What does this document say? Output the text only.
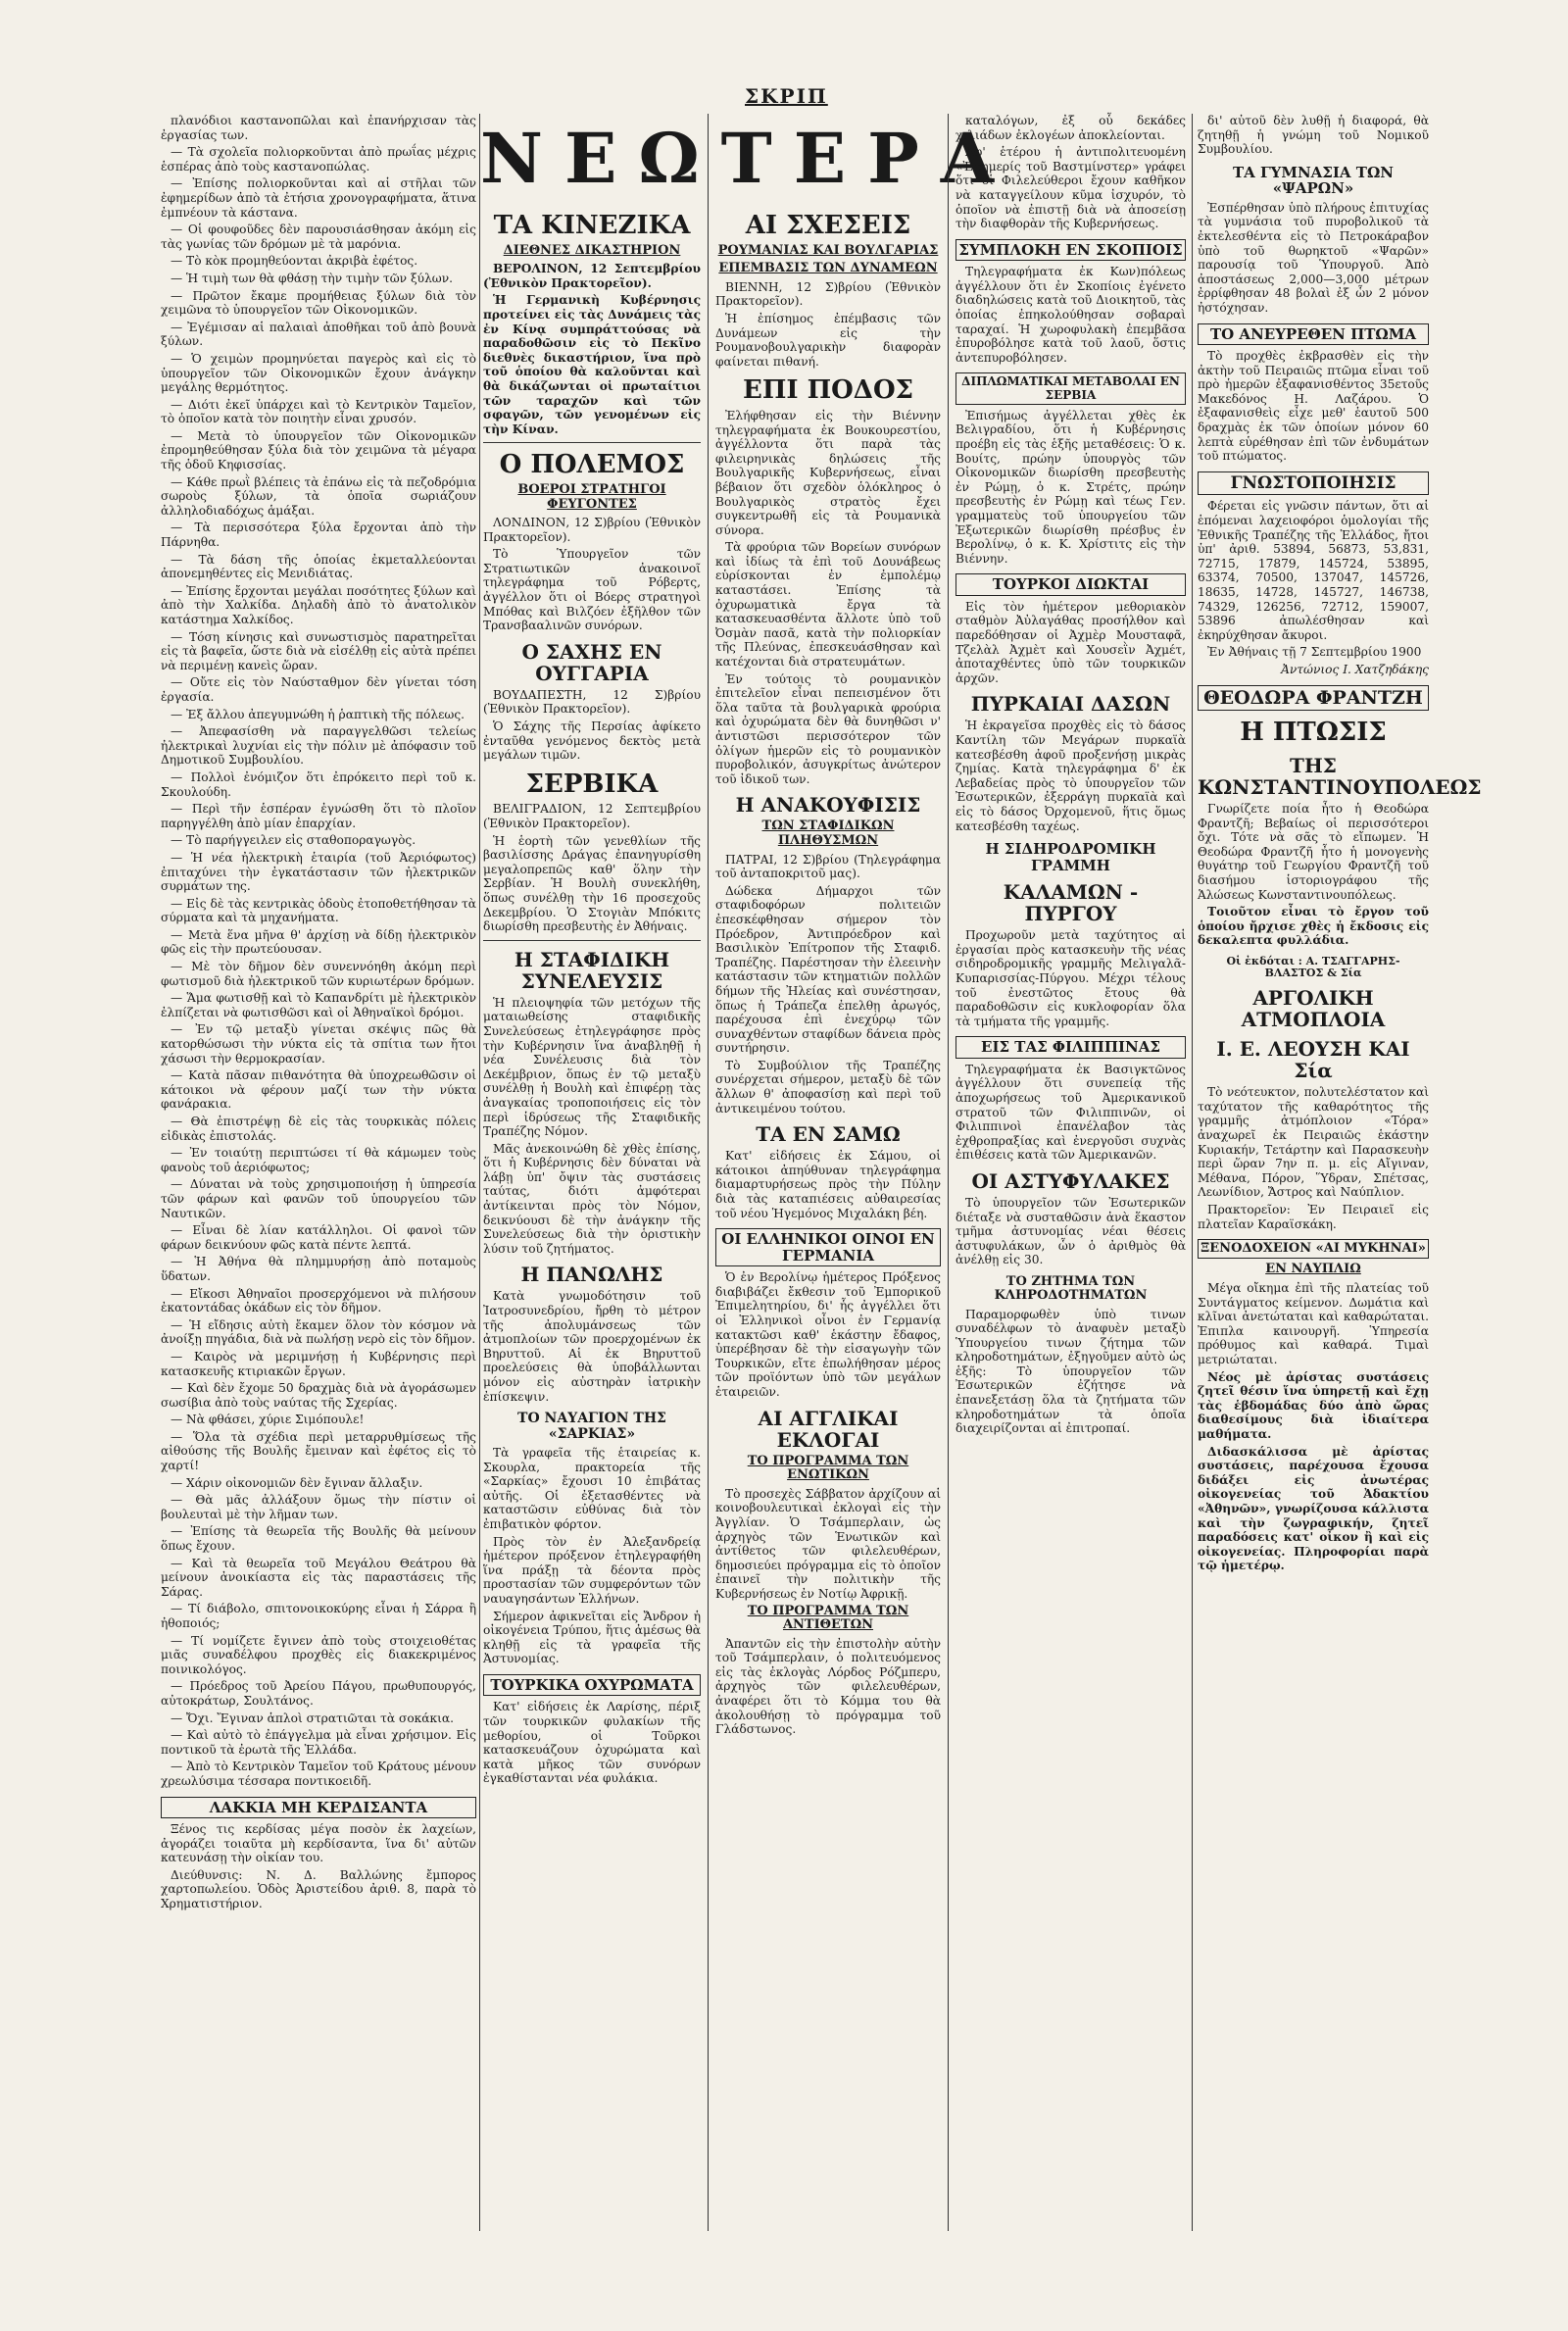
ΣΚΡΙΠ
ΝΕΩΤΕΡΑ

πλανόδιοι καστανοπῶλαι καὶ ἐπανήρχισαν τὰς ἐργασίας των.

— Τὰ σχολεῖα πολιορκοῦνται ἀπὸ πρωΐας μέχρις ἑσπέρας ἀπὸ τοὺς καστανοπώλας.

— Ἐπίσης πολιορκοῦνται καὶ αἱ στῆλαι τῶν ἐφημερίδων ἀπὸ τὰ ἐτήσια χρονογραφήματα, ἅτινα ἐμπνέουν τὰ κάστανα.

— Οἱ φουφοῦδες δὲν παρουσιάσθησαν ἀκόμη εἰς τὰς γωνίας τῶν δρόμων μὲ τὰ μαρόνια.

— Τὸ κὸκ προμηθεύονται ἀκριβὰ ἐφέτος.

— Ἡ τιμὴ των θὰ φθάσῃ τὴν τιμὴν τῶν ξύλων.

— Πρῶτον ἔκαμε προμήθειας ξύλων διὰ τὸν χειμῶνα τὸ ὑπουργεῖον τῶν Οἰκονομικῶν.

— Ἐγέμισαν αἱ παλαιαὶ ἀποθῆκαι τοῦ ἀπὸ βουνὰ ξύλων.

— Ὁ χειμὼν προμηνύεται παγερὸς καὶ εἰς τὸ ὑπουργεῖον τῶν Οἰκονομικῶν ἔχουν ἀνάγκην μεγάλης θερμότητος.

— Διότι ἐκεῖ ὑπάρχει καὶ τὸ Κεντρικὸν Ταμεῖον, τὸ ὁποῖον κατὰ τὸν ποιητὴν εἶναι χρυσόν.

— Μετὰ τὸ ὑπουργεῖον τῶν Οἰκονομικῶν ἐπρομηθεύθησαν ξύλα διὰ τὸν χειμῶνα τὰ μέγαρα τῆς ὁδοῦ Κηφισσίας.

— Κάθε πρωῒ βλέπεις τὰ ἐπάνω εἰς τὰ πεζοδρόμια σωροὺς ξύλων, τὰ ὁποῖα σωριάζουν ἀλληλοδιαδόχως ἁμάξαι.

— Τὰ περισσότερα ξύλα ἔρχονται ἀπὸ τὴν Πάρνηθα.

— Τὰ δάση τῆς ὁποίας ἐκμεταλλεύονται ἀπονεμηθέντες εἰς Μενιδιάτας.

— Ἐπίσης ἔρχονται μεγάλαι ποσότητες ξύλων καὶ ἀπὸ τὴν Χαλκίδα. Δηλαδὴ ἀπὸ τὸ ἀνατολικὸν κατάστημα Χαλκίδος.

— Τόση κίνησις καὶ συνωστισμὸς παρατηρεῖται εἰς τὰ βαφεῖα, ὥστε διὰ νὰ εἰσέλθῃ εἰς αὐτὰ πρέπει νὰ περιμένῃ κανεὶς ὥραν.

— Οὔτε εἰς τὸν Ναύσταθμον δὲν γίνεται τόση ἐργασία.

— Ἐξ ἄλλου ἀπεγυμνώθη ἡ ῥαπτικὴ τῆς πόλεως.

— Ἀπεφασίσθη νὰ παραγγελθῶσι τελείως ἠλεκτρικαὶ λυχνίαι εἰς τὴν πόλιν μὲ ἀπόφασιν τοῦ Δημοτικοῦ Συμβουλίου.

— Πολλοὶ ἐνόμιζον ὅτι ἐπρόκειτο περὶ τοῦ κ. Σκουλούδη.

— Περὶ τῆν ἑσπέραν ἐγνώσθη ὅτι τὸ πλοῖον παρηγγέλθη ἀπὸ μίαν ἐπαρχίαν.

— Τὸ παρήγγειλεν εἰς σταθοποραγωγὸς.

— Ἡ νέα ἠλεκτρικὴ ἑταιρία (τοῦ Ἀεριόφωτος) ἐπιταχύνει τὴν ἐγκατάστασιν τῶν ἠλεκτρικῶν συρμάτων της.

— Εἰς δὲ τὰς κεντρικὰς ὁδοὺς ἐτοποθετήθησαν τὰ σύρματα καὶ τὰ μηχανήματα.

— Μετὰ ἕνα μῆνα θ' ἀρχίσῃ νὰ δίδῃ ἠλεκτρικὸν φῶς εἰς τὴν πρωτεύουσαν.

— Μὲ τὸν δῆμον δὲν συνεννόηθη ἀκόμη περὶ φωτισμοῦ διὰ ἠλεκτρικοῦ τῶν κυριωτέρων δρόμων.

— Ἅμα φωτισθῇ καὶ τὸ Καπανδρίτι μὲ ἠλεκτρικὸν ἐλπίζεται νὰ φωτισθῶσι καὶ οἱ Ἀθηναϊκοὶ δρόμοι.

— Ἐν τῷ μεταξὺ γίνεται σκέψις πῶς θὰ κατορθώσωσι τὴν νύκτα εἰς τὰ σπίτια των ἤτοι χάσωσι τὴν θερμοκρασίαν.

— Κατὰ πᾶσαν πιθανότητα θὰ ὑποχρεωθῶσιν οἱ κάτοικοι νὰ φέρουν μαζί των τὴν νύκτα φανάρακια.

— Θὰ ἐπιστρέψῃ δὲ εἰς τὰς τουρκικὰς πόλεις εἰδικὰς ἐπιστολάς.

— Ἐν τοιαύτῃ περιπτώσει τί θὰ κάμωμεν τοὺς φανοὺς τοῦ ἀεριόφωτος;

— Δύναται νὰ τοὺς χρησιμοποιήσῃ ἡ ὑπηρεσία τῶν φάρων καὶ φανῶν τοῦ ὑπουργείου τῶν Ναυτικῶν.

— Εἶναι δὲ λίαν κατάλληλοι. Οἱ φανοὶ τῶν φάρων δεικνύουν φῶς κατὰ πέντε λεπτά.

— Ἡ Ἀθήνα θὰ πλημμυρήσῃ ἀπὸ ποταμοὺς ὕδατων.

— Εἴκοσι Ἀθηναῖοι προσερχόμενοι νὰ πιλήσουν ἐκατοντάδας ὀκάδων εἰς τὸν δῆμον.

— Ἡ εἴδησις αὐτὴ ἔκαμεν ὅλον τὸν κόσμον νὰ ἀνοίξῃ πηγάδια, διὰ νὰ πωλήσῃ νερὸ εἰς τὸν δῆμον.

— Καιρὸς νὰ μεριμνήσῃ ἡ Κυβέρνησις περὶ κατασκευῆς κτιριακῶν ἔργων.

— Καὶ δὲν ἔχομε 50 δραχμὰς διὰ νὰ ἀγοράσωμεν σωσίβια ἀπὸ τοὺς ναύτας τῆς Σχερίας.

— Νὰ φθάσει, χύριε Σιμόπουλε!

— Ὅλα τὰ σχέδια περὶ μεταρρυθμίσεως τῆς αἰθούσης τῆς Βουλῆς ἔμειναν καὶ ἐφέτος εἰς τὸ χαρτί!

— Χάριν οἰκονομιῶν δὲν ἔγιναν ἄλλαξιν.

— Θὰ μᾶς ἀλλάξουν ὅμως τὴν πίστιν οἱ βουλευταὶ μὲ τὴν λῆμαν των.

— Ἐπίσης τὰ θεωρεῖα τῆς Βουλῆς θὰ μείνουν ὅπως ἔχουν.

— Καὶ τὰ θεωρεῖα τοῦ Μεγάλου Θεάτρου θὰ μείνουν ἀνοικίαστα εἰς τὰς παραστάσεις τῆς Σάρας.

— Τί διάβολο, σπιτονοικοκύρης εἶναι ἡ Σάρρα ἢ ἠθοποιός;

— Τί νομίζετε ἔγινεν ἀπὸ τοὺς στοιχειοθέτας μιᾶς συναδέλφου προχθὲς εἰς διακεκριμένος ποινικολόγος.

— Πρόεδρος τοῦ Ἀρείου Πάγου, πρωθυπουργός, αὐτοκράτωρ, Σουλτάνος.

— Ὄχι. Ἔγιναν ἁπλοὶ στρατιῶται τὰ σοκάκια.

— Καὶ αὐτὸ τὸ ἐπάγγελμα μὰ εἶναι χρήσιμον. Εἰς ποντικοῦ τὰ ἐρωτὰ τῆς Ἑλλάδα.

— Ἀπὸ τὸ Κεντρικὸν Ταμεῖον τοῦ Κράτους μένουν χρεωλύσιμα τέσσαρα ποντικοειδῆ.

ΛΑΚΚΙΑ ΜΗ ΚΕΡΔΙΣΑΝΤΑ

Ξένος τις κερδίσας μέγα ποσὸν ἐκ λαχείων, ἀγοράζει τοιαῦτα μὴ κερδίσαντα, ἵνα δι' αὐτῶν κατευνάσῃ τὴν οἰκίαν του.

Διεύθυνσις: Ν. Δ. Βαλλώνης ἔμπορος χαρτοπωλείου. Ὁδὸς Ἀριστείδου ἀριθ. 8, παρὰ τὸ Χρηματιστήριον.

ΤΑ ΚΙΝΕΖΙΚΑ
ΔΙΕΘΝΕΣ ΔΙΚΑΣΤΗΡΙΟΝ

ΒΕΡΟΛΙΝΟΝ, 12 Σεπτεμβρίου (Ἐθνικὸν Πρακτορεῖον).

Ἡ Γερμανικὴ Κυβέρνησις προτείνει εἰς τὰς Δυνάμεις τὰς ἐν Κίνᾳ συμπράττούσας νὰ παραδοθῶσιν εἰς τὸ Πεκῖνο διεθνὲς δικαστήριον, ἵνα πρὸ τοῦ ὁποίου θὰ καλοῦνται καὶ θὰ δικάζωνται οἱ πρωταίτιοι τῶν ταραχῶν καὶ τῶν σφαγῶν, τῶν γενομένων εἰς τὴν Κίναν.

Ο ΠΟΛΕΜΟΣ
ΒΟΕΡΟΙ ΣΤΡΑΤΗΓΟΙ ΦΕΥΓΟΝΤΕΣ

ΛΟΝΔΙΝΟΝ, 12 Σ)βρίου (Ἐθνικὸν Πρακτορεῖον).

Τὸ Ὑπουργεῖον τῶν Στρατιωτικῶν ἀνακοινοῖ τηλεγράφημα τοῦ Ρόβερτς, ἀγγέλλον ὅτι οἱ Βόερς στρατηγοὶ Μπόθας καὶ Βιλζόεν ἐξῆλθον τῶν Τρανσβααλινῶν συνόρων.

Ο ΣΑΧΗΣ ΕΝ ΟΥΓΓΑΡΙΑ

ΒΟΥΔΑΠΕΣΤΗ, 12 Σ)βρίου (Ἐθνικὸν Πρακτορεῖον).

Ὁ Σάχης τῆς Περσίας ἀφίκετο ἐνταῦθα γενόμενος δεκτὸς μετὰ μεγάλων τιμῶν.

ΣΕΡΒΙΚΑ

ΒΕΛΙΓΡΑΔΙΟΝ, 12 Σεπτεμβρίου (Ἐθνικὸν Πρακτορεῖον).

Ἡ ἑορτὴ τῶν γενεθλίων τῆς βασιλίσσης Δράγας ἐπανηγυρίσθη μεγαλοπρεπῶς καθ' ὅλην τὴν Σερβίαν. Ἡ Βουλὴ συνεκλήθη, ὅπως συνέλθῃ τὴν 16 προσεχοῦς Δεκεμβρίου. Ὁ Στογιὰν Μπόκιτς διωρίσθη πρεσβευτὴς ἐν Ἀθήναις.

Η ΣΤΑΦΙΔΙΚΗ ΣΥΝΕΛΕΥΣΙΣ

Ἡ πλειοψηφία τῶν μετόχων τῆς ματαιωθείσης σταφιδικῆς Συνελεύσεως ἐτηλεγράφησε πρὸς τὴν Κυβέρνησιν ἵνα ἀναβληθῇ ἡ νέα Συνέλευσις διὰ τὸν Δεκέμβριον, ὅπως ἐν τῷ μεταξὺ συνέλθῃ ἡ Βουλὴ καὶ ἐπιφέρῃ τὰς ἀναγκαίας τροποποιήσεις εἰς τὸν περὶ ἱδρύσεως τῆς Σταφιδικῆς Τραπέζης Νόμον.

Μᾶς ἀνεκοινώθη δὲ χθὲς ἐπίσης, ὅτι ἡ Κυβέρνησις δὲν δύναται νὰ λάβῃ ὑπ' ὄψιν τὰς συστάσεις ταύτας, διότι ἀμφότεραι ἀντίκεινται πρὸς τὸν Νόμον, δεικνύουσι δὲ τὴν ἀνάγκην τῆς Συνελεύσεως διὰ τὴν ὁριστικὴν λύσιν τοῦ ζητήματος.

Η ΠΑΝΩΛΗΣ

Κατὰ γνωμοδότησιν τοῦ Ἰατροσυνεδρίου, ἤρθη τὸ μέτρον τῆς ἀπολυμάνσεως τῶν ἀτμοπλοίων τῶν προερχομένων ἐκ Βηρυττοῦ. Αἱ ἐκ Βηρυττοῦ προελεύσεις θὰ ὑποβάλλωνται μόνον εἰς αὐστηρὰν ἰατρικὴν ἐπίσκεψιν.

ΤΟ ΝΑΥΑΓΙΟΝ ΤΗΣ «ΣΑΡΚΙΑΣ»

Τὰ γραφεῖα τῆς ἑταιρείας κ. Σκουρλα, πρακτορεία τῆς «Σαρκίας» ἔχουσι 10 ἐπιβάτας αὐτῆς. Οἱ ἐξετασθέντες νὰ καταστῶσιν εὐθύνας διὰ τὸν ἐπιβατικὸν φόρτον.

Πρὸς τὸν ἐν Ἀλεξανδρείᾳ ἡμέτερον πρόξενον ἐτηλεγραφήθη ἵνα πράξῃ τὰ δέοντα πρὸς προστασίαν τῶν συμφερόντων τῶν ναυαγησάντων Ἑλλήνων.

Σήμερον ἀφικνεῖται εἰς Ἄνδρον ἡ οἰκογένεια Τρύπου, ἥτις ἀμέσως θὰ κληθῇ εἰς τὰ γραφεῖα τῆς Ἀστυνομίας.

ΤΟΥΡΚΙΚΑ ΟΧΥΡΩΜΑΤΑ

Κατ' εἰδήσεις ἐκ Λαρίσης, πέριξ τῶν τουρκικῶν φυλακίων τῆς μεθορίου, οἱ Τοῦρκοι κατασκευάζουν ὀχυρώματα καὶ κατὰ μῆκος τῶν συνόρων ἐγκαθίστανται νέα φυλάκια.

ΑΙ ΣΧΕΣΕΙΣ
ΡΟΥΜΑΝΙΑΣ ΚΑΙ ΒΟΥΛΓΑΡΙΑΣ
ΕΠΕΜΒΑΣΙΣ ΤΩΝ ΔΥΝΑΜΕΩΝ

ΒΙΕΝΝΗ, 12 Σ)βρίου (Ἐθνικὸν Πρακτορεῖον).

Ἡ ἐπίσημος ἐπέμβασις τῶν Δυνάμεων εἰς τὴν Ρουμανοβουλγαρικὴν διαφορὰν φαίνεται πιθανή.

ΕΠΙ ΠΟΔΟΣ

Ἐλήφθησαν εἰς τὴν Βιέννην τηλεγραφήματα ἐκ Βουκουρεστίου, ἀγγέλλοντα ὅτι παρὰ τὰς φιλειρηνικὰς δηλώσεις τῆς Βουλγαρικῆς Κυβερνήσεως, εἶναι βέβαιον ὅτι σχεδὸν ὁλόκληρος ὁ Βουλγαρικὸς στρατὸς ἔχει συγκεντρωθῆ εἰς τὰ Ρουμανικὰ σύνορα.

Τὰ φρούρια τῶν Βορείων συνόρων καὶ ἰδίως τὰ ἐπὶ τοῦ Δουνάβεως εὑρίσκονται ἐν ἐμπολέμῳ καταστάσει. Ἐπίσης τὰ ὀχυρωματικὰ ἔργα τὰ κατασκευασθέντα ἄλλοτε ὑπὸ τοῦ Ὀσμὰν πασᾶ, κατὰ τὴν πολιορκίαν τῆς Πλεύνας, ἐπεσκευάσθησαν καὶ κατέχονται διὰ στρατευμάτων.

Ἐν τούτοις τὸ ρουμανικὸν ἐπιτελεῖον εἶναι πεπεισμένον ὅτι ὅλα ταῦτα τὰ βουλγαρικὰ φρούρια καὶ ὀχυρώματα δὲν θὰ δυνηθῶσι ν' ἀντιστῶσι περισσότερον τῶν ὀλίγων ἡμερῶν εἰς τὸ ρουμανικὸν πυροβολικόν, ἀσυγκρίτως ἀνώτερον τοῦ ἰδικοῦ των.

Η ΑΝΑΚΟΥΦΙΣΙΣ
ΤΩΝ ΣΤΑΦΙΔΙΚΩΝ ΠΛΗΘΥΣΜΩΝ

ΠΑΤΡΑΙ, 12 Σ)βρίου (Τηλεγράφημα τοῦ ἀνταποκριτοῦ μας).

Δώδεκα Δήμαρχοι τῶν σταφιδοφόρων πολιτειῶν ἐπεσκέφθησαν σήμερον τὸν Πρόεδρον, Ἀντιπρόεδρον καὶ Βασιλικὸν Ἐπίτροπον τῆς Σταφιδ. Τραπέζης. Παρέστησαν τὴν ἐλεεινὴν κατάστασιν τῶν κτηματιῶν πολλῶν δήμων τῆς Ἠλείας καὶ συνέστησαν, ὅπως ἡ Τράπεζα ἐπελθῃ ἀρωγός, παρέχουσα ἐπὶ ἐνεχύρῳ τῶν συναχθέντων σταφίδων δάνεια πρὸς συντήρησιν.

Τὸ Συμβούλιον τῆς Τραπέζης συνέρχεται σήμερον, μεταξὺ δὲ τῶν ἄλλων θ' ἀποφασίσῃ καὶ περὶ τοῦ ἀντικειμένου τούτου.

ΤΑ ΕΝ ΣΑΜΩ

Κατ' εἰδήσεις ἐκ Σάμου, οἱ κάτοικοι ἀπηύθυναν τηλεγράφημα διαμαρτυρήσεως πρὸς τὴν Πύλην διὰ τὰς καταπιέσεις αὐθαιρεσίας τοῦ νέου Ἡγεμόνος Μιχαλάκη βέη.

ΟΙ ΕΛΛΗΝΙΚΟΙ ΟΙΝΟΙ ΕΝ ΓΕΡΜΑΝΙΑ

Ὁ ἐν Βερολίνῳ ἡμέτερος Πρόξενος διαβιβάζει ἔκθεσιν τοῦ Ἐμπορικοῦ Ἐπιμελητηρίου, δι' ἧς ἀγγέλλει ὅτι οἱ Ἑλληνικοὶ οἶνοι ἐν Γερμανίᾳ κατακτῶσι καθ' ἑκάστην ἔδαφος, ὑπερέβησαν δὲ τὴν εἰσαγωγὴν τῶν Τουρκικῶν, εἴτε ἐπωλήθησαν μέρος τῶν προϊόντων ὑπὸ τῶν μεγάλων ἑταιρειῶν.

ΑΙ ΑΓΓΛΙΚΑΙ ΕΚΛΟΓΑΙ
ΤΟ ΠΡΟΓΡΑΜΜΑ ΤΩΝ ΕΝΩΤΙΚΩΝ

Τὸ προσεχὲς Σάββατον ἀρχίζουν αἱ κοινοβουλευτικαὶ ἐκλογαὶ εἰς τὴν Ἀγγλίαν. Ὁ Τσάμπερλαιν, ὡς ἀρχηγὸς τῶν Ἑνωτικῶν καὶ ἀντίθετος τῶν φιλελευθέρων, δημοσιεύει πρόγραμμα εἰς τὸ ὁποῖον ἐπαινεῖ τὴν πολιτικὴν τῆς Κυβερνήσεως ἐν Νοτίῳ Ἀφρικῇ.

ΤΟ ΠΡΟΓΡΑΜΜΑ ΤΩΝ ΑΝΤΙΘΕΤΩΝ

Ἀπαντῶν εἰς τὴν ἐπιστολὴν αὐτὴν τοῦ Τσάμπερλαιν, ὁ πολιτευόμενος εἰς τὰς ἐκλογὰς Λόρδος Ρόζμπερυ, ἀρχηγὸς τῶν φιλελευθέρων, ἀναφέρει ὅτι τὸ Κόμμα του θὰ ἀκολουθήσῃ τὸ πρόγραμμα τοῦ Γλάδστωνος.

καταλόγων, ἐξ οὗ δεκάδες χιλιάδων ἐκλογέων ἀποκλείονται.

Ἀφ' ἑτέρου ἡ ἀντιπολιτευομένη «Ἐφημερίς τοῦ Βαστμίνστερ» γράφει ὅτι οἱ Φιλελεύθεροι ἔχουν καθῆκον νὰ καταγγείλουν κῦμα ἰσχυρόν, τὸ ὁποῖον νὰ ἐπιστῇ διὰ νὰ ἀποσείσῃ τὴν διαφθορὰν τῆς Κυβερνήσεως.

ΣΥΜΠΛΟΚΗ ΕΝ ΣΚΟΠΙΟΙΣ

Τηλεγραφήματα ἐκ Κων)πόλεως ἀγγέλλουν ὅτι ἐν Σκοπίοις ἐγένετο διαδηλώσεις κατὰ τοῦ Διοικητοῦ, τὰς ὁποίας ἐπηκολούθησαν σοβαραὶ ταραχαί. Ἡ χωροφυλακὴ ἐπεμβᾶσα ἐπυροβόλησε κατὰ τοῦ λαοῦ, ὅστις ἀντεπυροβόλησεν.

ΔΙΠΛΩΜΑΤΙΚΑΙ ΜΕΤΑΒΟΛΑΙ ΕΝ ΣΕΡΒΙΑ

Ἐπισήμως ἀγγέλλεται χθὲς ἐκ Βελιγραδίου, ὅτι ἡ Κυβέρνησις προέβη εἰς τὰς ἑξῆς μεταθέσεις: Ὁ κ. Βουίτς, πρώην ὑπουργὸς τῶν Οἰκονομικῶν διωρίσθη πρεσβευτὴς ἐν Ρώμῃ, ὁ κ. Στρέτς, πρώην πρεσβευτὴς ἐν Ρώμῃ καὶ τέως Γεν. γραμματεὺς τοῦ ὑπουργείου τῶν Ἐξωτερικῶν διωρίσθη πρέσβυς ἐν Βερολίνῳ, ὁ κ. Κ. Χρίστιτς εἰς τὴν Βιέννην.

ΤΟΥΡΚΟΙ ΔΙΩΚΤΑΙ

Εἰς τὸν ἡμέτερον μεθοριακὸν σταθμὸν Ἀὐλαγάθας προσήλθον καὶ παρεδόθησαν οἱ Ἀχμὲρ Μουσταφᾶ, Τζελὰλ Ἀχμὲτ καὶ Χουσεῒν Ἀχμέτ, ἀποταχθέντες ὑπὸ τῶν τουρκικῶν ἀρχῶν.

ΠΥΡΚΑΙΑΙ ΔΑΣΩΝ

Ἡ ἐκραγεῖσα προχθὲς εἰς τὸ δάσος Καντίλη τῶν Μεγάρων πυρκαϊὰ κατεσβέσθη ἀφοῦ προξενήσῃ μικρὰς ζημίας. Κατὰ τηλεγράφημα δ' ἐκ Λεβαδείας πρὸς τὸ ὑπουργεῖον τῶν Ἐσωτερικῶν, ἐξερράγη πυρκαϊὰ καὶ εἰς τὸ δάσος Ὀρχομενοῦ, ἥτις ὅμως κατεσβέσθη ταχέως.

Η ΣΙΔΗΡΟΔΡΟΜΙΚΗ ΓΡΑΜΜΗ
ΚΑΛΑΜΩΝ - ΠΥΡΓΟΥ

Προχωροῦν μετὰ ταχύτητος αἱ ἐργασίαι πρὸς κατασκευὴν τῆς νέας σιδηροδρομικῆς γραμμῆς Μελιγαλᾶ-Κυπαρισσίας-Πύργου. Μέχρι τέλους τοῦ ἐνεστῶτος ἔτους θὰ παραδοθῶσιν εἰς κυκλοφορίαν ὅλα τὰ τμήματα τῆς γραμμῆς.

ΕΙΣ ΤΑΣ ΦΙΛΙΠΠΙΝΑΣ

Τηλεγραφήματα ἐκ Βασιγκτῶνος ἀγγέλλουν ὅτι συνεπείᾳ τῆς ἀποχωρήσεως τοῦ Ἀμερικανικοῦ στρατοῦ τῶν Φιλιππινῶν, οἱ Φιλιππινοὶ ἐπανέλαβον τὰς ἐχθροπραξίας καὶ ἐνεργοῦσι συχνὰς ἐπιθέσεις κατὰ τῶν Ἀμερικανῶν.

ΟΙ ΑΣΤΥΦΥΛΑΚΕΣ

Τὸ ὑπουργεῖον τῶν Ἐσωτερικῶν διέταξε νὰ συσταθῶσιν ἀνὰ ἕκαστον τμῆμα ἀστυνομίας νέαι θέσεις ἀστυφυλάκων, ὧν ὁ ἀριθμὸς θὰ ἀνέλθῃ εἰς 30.

ΤΟ ΖΗΤΗΜΑ ΤΩΝ ΚΛΗΡΟΔΟΤΗΜΑΤΩΝ

Παραμορφωθὲν ὑπὸ τινων συναδέλφων τὸ ἀναφυὲν μεταξὺ Ὑπουργείου τινων ζήτημα τῶν κληροδοτημάτων, ἐξηγοῦμεν αὐτὸ ὡς ἑξῆς: Τὸ ὑπουργεῖον τῶν Ἐσωτερικῶν ἐζήτησε νὰ ἐπανεξετάσῃ ὅλα τὰ ζητήματα τῶν κληροδοτημάτων τὰ ὁποῖα διαχειρίζονται αἱ ἐπιτροπαί.

δι' αὐτοῦ δὲν λυθῇ ἡ διαφορά, θὰ ζητηθῇ ἡ γνώμη τοῦ Νομικοῦ Συμβουλίου.

ΤΑ ΓΥΜΝΑΣΙΑ ΤΩΝ «ΨΑΡΩΝ»

Ἐσπέρθησαν ὑπὸ πλήρους ἐπιτυχίας τὰ γυμνάσια τοῦ πυροβολικοῦ τὰ ἐκτελεσθέντα εἰς τὸ Πετροκάραβον ὑπὸ τοῦ θωρηκτοῦ «Ψαρῶν» παρουσίᾳ τοῦ Ὑπουργοῦ. Ἀπὸ ἀποστάσεως 2,000—3,000 μέτρων ἐρρίφθησαν 48 βολαὶ ἐξ ὧν 2 μόνον ἠστόχησαν.

ΤΟ ΑΝΕΥΡΕΘΕΝ ΠΤΩΜΑ

Τὸ προχθὲς ἐκβρασθὲν εἰς τὴν ἀκτὴν τοῦ Πειραιῶς πτῶμα εἶναι τοῦ πρὸ ἡμερῶν ἐξαφανισθέντος 35ετοῦς Μακεδόνος Η. Λαζάρου. Ὁ ἐξαφανισθεὶς εἶχε μεθ' ἑαυτοῦ 500 δραχμὰς ἐκ τῶν ὁποίων μόνον 60 λεπτὰ εὑρέθησαν ἐπὶ τῶν ἐνδυμάτων τοῦ πτώματος.

ΓΝΩΣΤΟΠΟΙΗΣΙΣ

Φέρεται εἰς γνῶσιν πάντων, ὅτι αἱ ἑπόμεναι λαχειοφόροι ὁμολογίαι τῆς Ἐθνικῆς Τραπέζης τῆς Ἑλλάδος, ἤτοι ὑπ' ἀριθ. 53894, 56873, 53,831, 72715, 17879, 145724, 53895, 63374, 70500, 137047, 145726, 18635, 14728, 145727, 146738, 74329, 126256, 72712, 159007, 53896 ἀπωλέσθησαν καὶ ἐκηρύχθησαν ἄκυροι.

Ἐν Ἀθήναις τῇ 7 Σεπτεμβρίου 1900

Ἀντώνιος Ι. Χατζηδάκης
ΘΕΟΔΩΡΑ ΦΡΑΝΤΖΗ
Η ΠΤΩΣΙΣ
ΤΗΣ ΚΩΝΣΤΑΝΤΙΝΟΥΠΟΛΕΩΣ

Γνωρίζετε ποία ἦτο ἡ Θεοδώρα Φραντζῆ; Βεβαίως οἱ περισσότεροι ὄχι. Τότε νὰ σᾶς τὸ εἴπωμεν. Ἡ Θεοδώρα Φραντζῆ ἦτο ἡ μονογενὴς θυγάτηρ τοῦ Γεωργίου Φραντζῆ τοῦ διασήμου ἱστοριογράφου τῆς Ἁλώσεως Κωνσταντινουπόλεως.

Τοιοῦτον εἶναι τὸ ἔργον τοῦ ὁποίου ἤρχισε χθὲς ἡ ἔκδοσις εἰς δεκαλεπτα φυλλάδια.

Οἱ ἐκδόται : Α. ΤΣΑΓΓΑΡΗΣ-ΒΛΑΣΤΟΣ & Σία
ΑΡΓΟΛΙΚΗ ΑΤΜΟΠΛΟΙΑ
Ι. Ε. ΛΕΟΥΣΗ ΚΑΙ Σία

Τὸ νεότευκτον, πολυτελέστατον καὶ ταχύτατον τῆς καθαρότητος τῆς γραμμῆς ἀτμόπλοιον «Τόρα» ἀναχωρεῖ ἐκ Πειραιῶς ἑκάστην Κυριακήν, Τετάρτην καὶ Παρασκευὴν περὶ ὥραν 7ην π. μ. εἰς Αἴγιναν, Μέθανα, Πόρον, Ὕδραν, Σπέτσας, Λεωνίδιον, Ἄστρος καὶ Ναύπλιον.

Πρακτορεῖον: Ἐν Πειραιεῖ εἰς πλατεῖαν Καραϊσκάκη.

ΞΕΝΟΔΟΧΕΙΟΝ «ΑΙ ΜΥΚΗΝΑΙ»
ΕΝ ΝΑΥΠΛΙΩ

Μέγα οἴκημα ἐπὶ τῆς πλατείας τοῦ Συντάγματος κείμενον. Δωμάτια καὶ κλῖναι ἀνετώταται καὶ καθαρώταται. Ἐπιπλα καινουργῆ. Ὑπηρεσία πρόθυμος καὶ καθαρά. Τιμαὶ μετριώταται.

Νέος μὲ ἀρίστας συστάσεις ζητεῖ θέσιν ἵνα ὑπηρετῇ καὶ ἔχῃ τὰς ἑβδομάδας δύο ἀπὸ ὥρας διαθεσίμους διὰ ἰδιαίτερα μαθήματα.

Διδασκάλισσα μὲ ἀρίστας συστάσεις, παρέχουσα ἔχουσα διδάξει εἰς ἀνωτέρας οἰκογενείας τοῦ Ἀδακτίου «Ἀθηνῶν», γνωρίζουσα κάλλιστα καὶ τὴν ζωγραφικήν, ζητεῖ παραδόσεις κατ' οἶκον ἢ καὶ εἰς οἰκογενείας. Πληροφορίαι παρὰ τῷ ἡμετέρῳ.
